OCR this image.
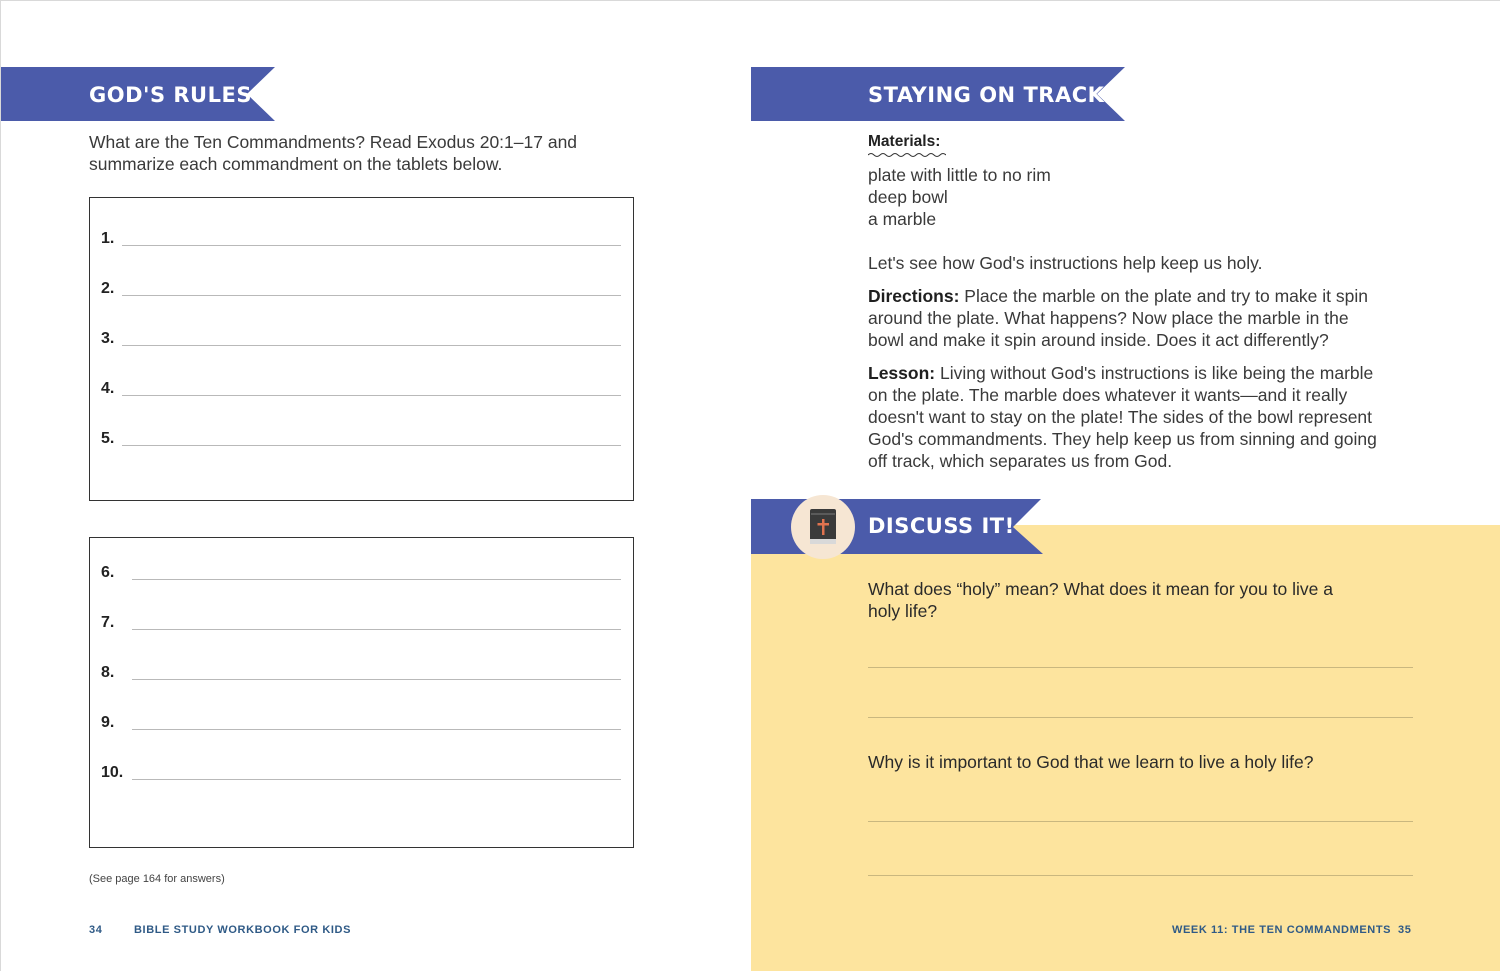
GOD'S RULES
What are the Ten Commandments? Read Exodus 20:1–17 and
summarize each commandment on the tablets below.
1.
2.
3.
4.
5.
6.
7.
8.
9.
10.
(See page 164 for answers)
34	BIBLE STUDY WORKBOOK FOR KIDS
STAYING ON TRACK
Materials:
plate with little to no rim
deep bowl
a marble
Let's see how God's instructions help keep us holy.
Directions: Place the marble on the plate and try to make it spin
around the plate. What happens? Now place the marble in the
bowl and make it spin around inside. Does it act differently?
Lesson: Living without God's instructions is like being the marble
on the plate. The marble does whatever it wants—and it really
doesn't want to stay on the plate! The sides of the bowl represent
God's commandments. They help keep us from sinning and going
off track, which separates us from God.
DISCUSS IT!
What does “holy” mean? What does it mean for you to live a
holy life?
Why is it important to God that we learn to live a holy life?
WEEK 11: THE TEN COMMANDMENTS 35
